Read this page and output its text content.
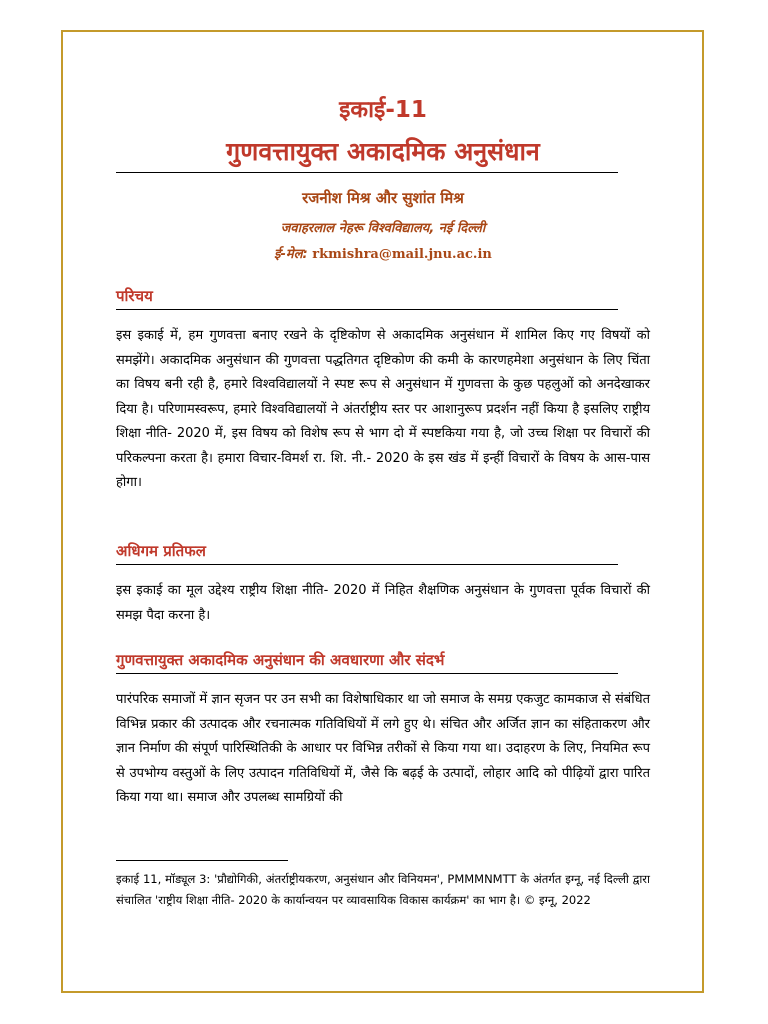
इकाई-11
गुणवत्तायुक्त अकादमिक अनुसंधान
रजनीश मिश्र और सुशांत मिश्र
जवाहरलाल नेहरू विश्वविद्यालय, नई दिल्ली
ई-मेल: rkmishra@mail.jnu.ac.in
परिचय

इस इकाई में, हम गुणवत्ता बनाए रखने के दृष्टिकोण से अकादमिक अनुसंधान में शामिल किए गए विषयों को समझेंगे। अकादमिक अनुसंधान की गुणवत्ता पद्धतिगत दृष्टिकोण की कमी के कारणहमेशा अनुसंधान के लिए चिंता का विषय बनी रही है, हमारे विश्वविद्यालयों ने स्पष्ट रूप से अनुसंधान में गुणवत्ता के कुछ पहलुओं को अनदेखाकर दिया है। परिणामस्वरूप, हमारे विश्वविद्यालयों ने अंतर्राष्ट्रीय स्तर पर आशानुरूप प्रदर्शन नहीं किया है इसलिए राष्ट्रीय शिक्षा नीति- 2020 में, इस विषय को विशेष रूप से भाग दो में स्पष्टकिया गया है, जो उच्च शिक्षा पर विचारों की परिकल्पना करता है। हमारा विचार-विमर्श रा. शि. नी.- 2020 के इस खंड में इन्हीं विचारों के विषय के आस-पास होगा।

अधिगम प्रतिफल

इस इकाई का मूल उद्देश्य राष्ट्रीय शिक्षा नीति- 2020 में निहित शैक्षणिक अनुसंधान के गुणवत्ता पूर्वक विचारों की समझ पैदा करना है।

गुणवत्तायुक्त अकादमिक अनुसंधान की अवधारणा और संदर्भ

पारंपरिक समाजों में ज्ञान सृजन पर उन सभी का विशेषाधिकार था जो समाज के समग्र एकजुट कामकाज से संबंधित विभिन्न प्रकार की उत्पादक और रचनात्मक गतिविधियों में लगे हुए थे। संचित और अर्जित ज्ञान का संहिताकरण और ज्ञान निर्माण की संपूर्ण पारिस्थितिकी के आधार पर विभिन्न तरीकों से किया गया था। उदाहरण के लिए, नियमित रूप से उपभोग्य वस्तुओं के लिए उत्पादन गतिविधियों में, जैसे कि बढ़ई के उत्पादों, लोहार आदि को पीढ़ियों द्वारा पारित किया गया था। समाज और उपलब्ध सामग्रियों की

इकाई 11, मॉड्यूल 3: 'प्रौद्योगिकी, अंतर्राष्ट्रीयकरण, अनुसंधान और विनियमन', PMMMNMTT के अंतर्गत इग्नू, नई दिल्ली द्वारा संचालित 'राष्ट्रीय शिक्षा नीति- 2020 के कार्यान्वयन पर व्यावसायिक विकास कार्यक्रम' का भाग है। © इग्नू, 2022
